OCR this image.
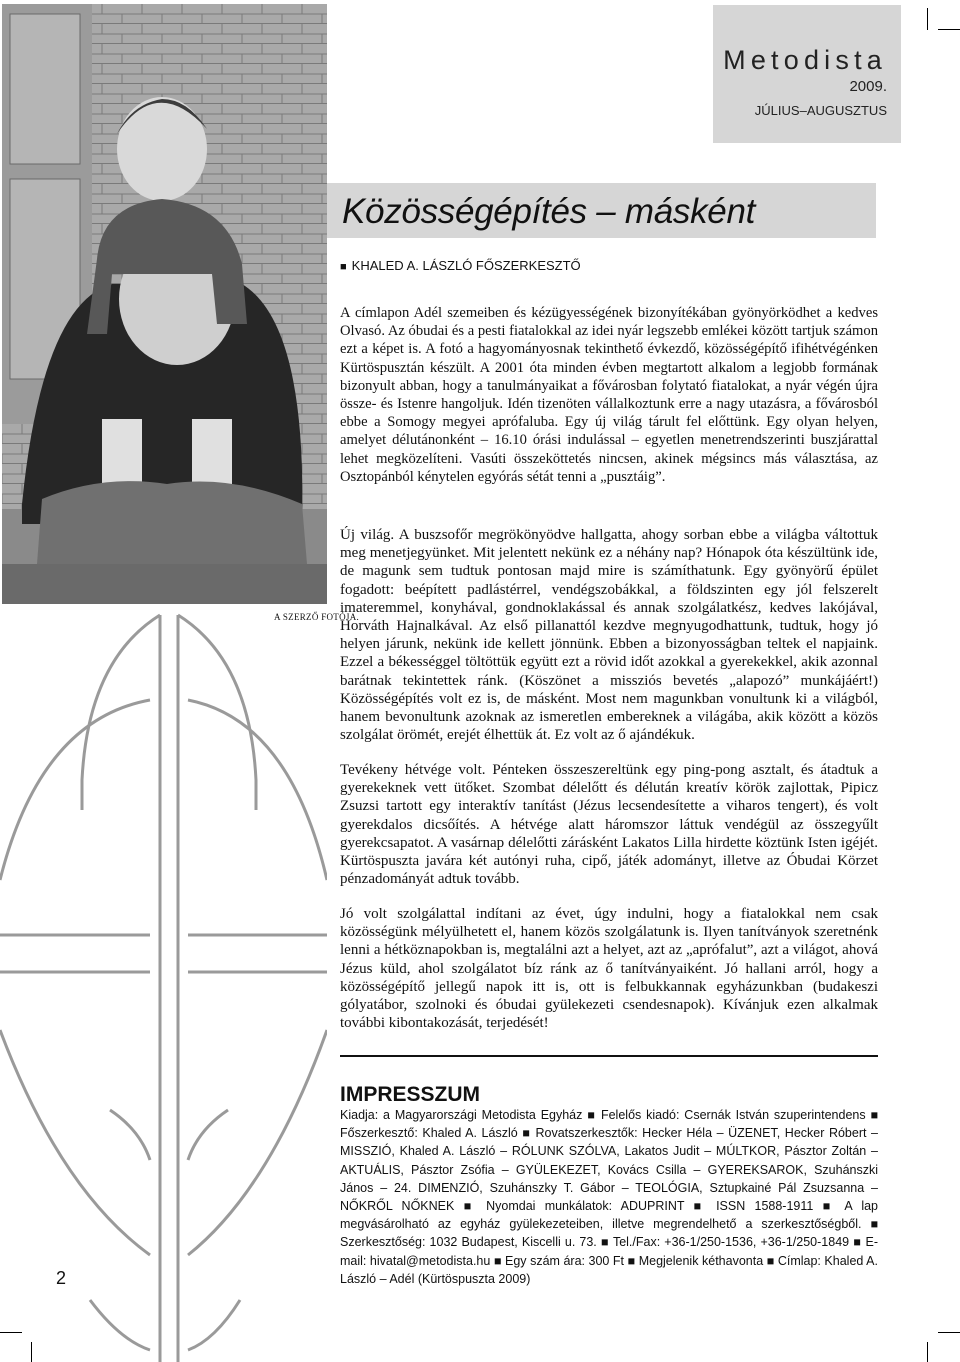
A SZERZŐ FOTÓJA.
Metodista
2009.
JÚLIUS–AUGUSZTUS
Közösségépítés – másként
■ KHALED A. LÁSZLÓ FŐSZERKESZTŐ

A címlapon Adél szemeiben és kézügyességének bizonyítékában gyönyörködhet a kedves Olvasó. Az óbudai és a pesti fiatalokkal az idei nyár legszebb emlékei között tartjuk számon ezt a képet is. A fotó a hagyományosnak tekinthető évkezdő, közösségépítő ifihétvégénken Kürtöspusztán készült. A 2001 óta minden évben megtartott alkalom a legjobb formának bizonyult abban, hogy a tanulmányaikat a fővárosban folytató fiatalokat, a nyár végén újra össze- és Istenre hangoljuk. Idén tizenöten vállalkoztunk erre a nagy utazásra, a fővárosból ebbe a Somogy megyei aprófaluba. Egy új világ tárult fel előttünk. Egy olyan helyen, amelyet délutánonként – 16.10 órási indulással – egyetlen menetrendszerinti buszjárattal lehet megközelíteni. Vasúti összeköttetés nincsen, akinek mégsincs más választása, az Osztopánból kénytelen egyórás sétát tenni a „pusztáig”.

Új világ. A buszsofőr megrökönyödve hallgatta, ahogy sorban ebbe a világba váltottuk meg menetjegyünket. Mit jelentett nekünk ez a néhány nap? Hónapok óta készültünk ide, de magunk sem tudtuk pontosan majd mire is számíthatunk. Egy gyönyörű épület fogadott: beépített padlástérrel, vendégszobákkal, a földszinten egy jól felszerelt imateremmel, konyhával, gondnoklakással és annak szolgálatkész, kedves lakójával, Horváth Hajnalkával. Az első pillanattól kezdve megnyugodhattunk, tudtuk, hogy jó helyen járunk, nekünk ide kellett jönnünk. Ebben a bizonyosságban teltek el napjaink. Ezzel a békességgel töltöttük együtt ezt a rövid időt azokkal a gyerekekkel, akik azonnal barátnak tekintettek ránk. (Köszönet a missziós bevetés „alapozó” munkájáért!) Közösségépítés volt ez is, de másként. Most nem magunkban vonultunk ki a világból, hanem bevonultunk azoknak az ismeretlen embereknek a világába, akik között a közös szolgálat örömét, erejét élhettük át. Ez volt az ő ajándékuk.

Tevékeny hétvége volt. Pénteken összeszereltünk egy ping-pong asztalt, és átadtuk a gyerekeknek vett ütőket. Szombat délelőtt és délután kreatív körök zajlottak, Pipicz Zsuzsi tartott egy interaktív tanítást (Jézus lecsendesítette a viharos tengert), és volt gyerekdalos dicsőítés. A hétvége alatt háromszor láttuk vendégül az összegyűlt gyerekcsapatot. A vasárnap délelőtti zárásként Lakatos Lilla hirdette köztünk Isten igéjét. Kürtöspuszta javára két autónyi ruha, cipő, játék adományt, illetve az Óbudai Körzet pénzadományát adtuk tovább.

Jó volt szolgálattal indítani az évet, úgy indulni, hogy a fiatalokkal nem csak közösségünk mélyülhetett el, hanem közös szolgálatunk is. Ilyen tanítványok szeretnénk lenni a hétköznapokban is, megtalálni azt a helyet, azt az „aprófalut”, azt a világot, ahová Jézus küld, ahol szolgálatot bíz ránk az ő tanítványaiként. Jó hallani arról, hogy a közösségépítő jellegű napok itt is, ott is felbukkannak egyházunkban (budakeszi gólyatábor, szolnoki és óbudai gyülekezeti csendesnapok). Kívánjuk ezen alkalmak további kibontakozását, terjedését!

IMPRESSZUM

Kiadja: a Magyarországi Metodista Egyház ■ Felelős kiadó: Csernák István szuperintendens ■ Főszerkesztő: Khaled A. László ■ Rovatszerkesztők: Hecker Héla – ÜZENET, Hecker Róbert – MISSZIÓ, Khaled A. László – RÓLUNK SZÓLVA, Lakatos Judit – MÚLTKOR, Pásztor Zoltán – AKTUÁLIS, Pásztor Zsófia – GYÜLEKEZET, Kovács Csilla – GYEREKSAROK, Szuhánszki János – 24. DIMENZIÓ, Szuhánszky T. Gábor – TEOLÓGIA, Sztupkainé Pál Zsuzsanna – NŐKRŐL NŐKNEK ■ Nyomdai munkálatok: ADUPRINT ■ ISSN 1588-1911 ■ A lap megvásárolható az egyház gyülekezeteiben, illetve megrendelhető a szerkesztőségből. ■ Szerkesztőség: 1032 Budapest, Kiscelli u. 73. ■ Tel./Fax: +36-1/250-1536, +36-1/250-1849 ■ E-mail: hivatal@metodista.hu ■ Egy szám ára: 300 Ft ■ Megjelenik kéthavonta ■ Címlap: Khaled A. László – Adél (Kürtöspuszta 2009)

2
